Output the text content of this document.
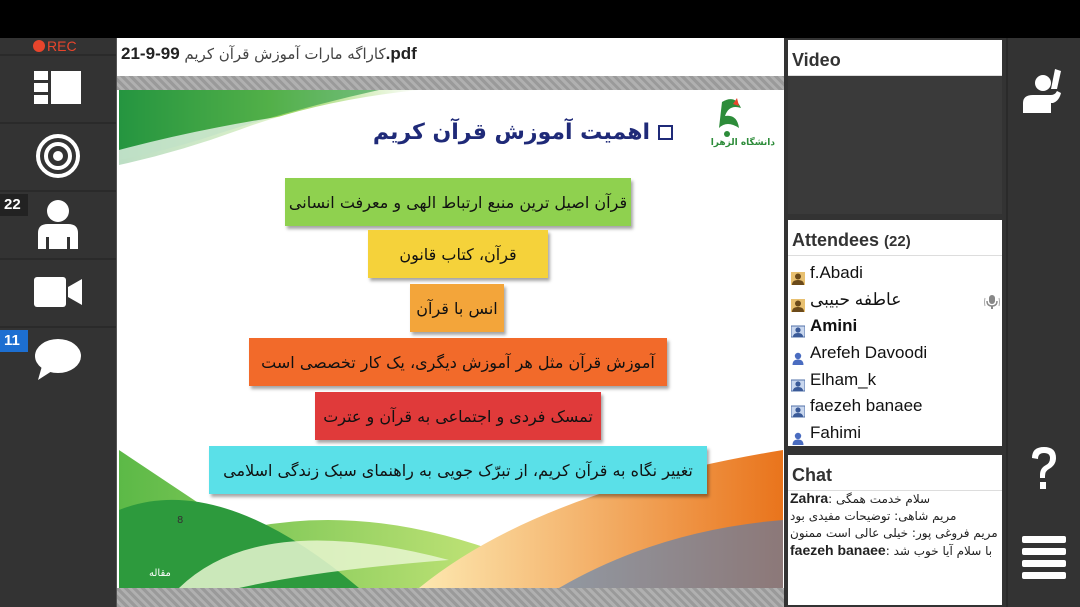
REC
22
11
کاراگه مارات آموزش قرآن کریم 99-9-21.pdf
اهمیت آموزش قرآن کریم	دانشگاه الزهرا
قرآن اصیل ترین منبع ارتباط الهی و معرفت انسانی
قرآن، کتاب قانون
انس با قرآن
آموزش قرآن مثل هر آموزش دیگری، یک کار تخصصی است
تمسک فردی و اجتماعی به قرآن و عترت
تغییر نگاه به قرآن کریم، از تبرّک جویی به راهنمای سبک زندگی اسلامی
8
مقاله
Video
Attendees (22)
f.Abadi
عاطفه حبیبی
Amini
Arefeh Davoodi
Elham_k
faezeh banaee
Fahimi
Chat
Zahra: سلام خدمت همگی
مریم شاهی: توضیحات مفیدی بود
مریم فروغی پور: خیلی عالی است ممنون
faezeh banaee: با سلام آیا خوب شد
